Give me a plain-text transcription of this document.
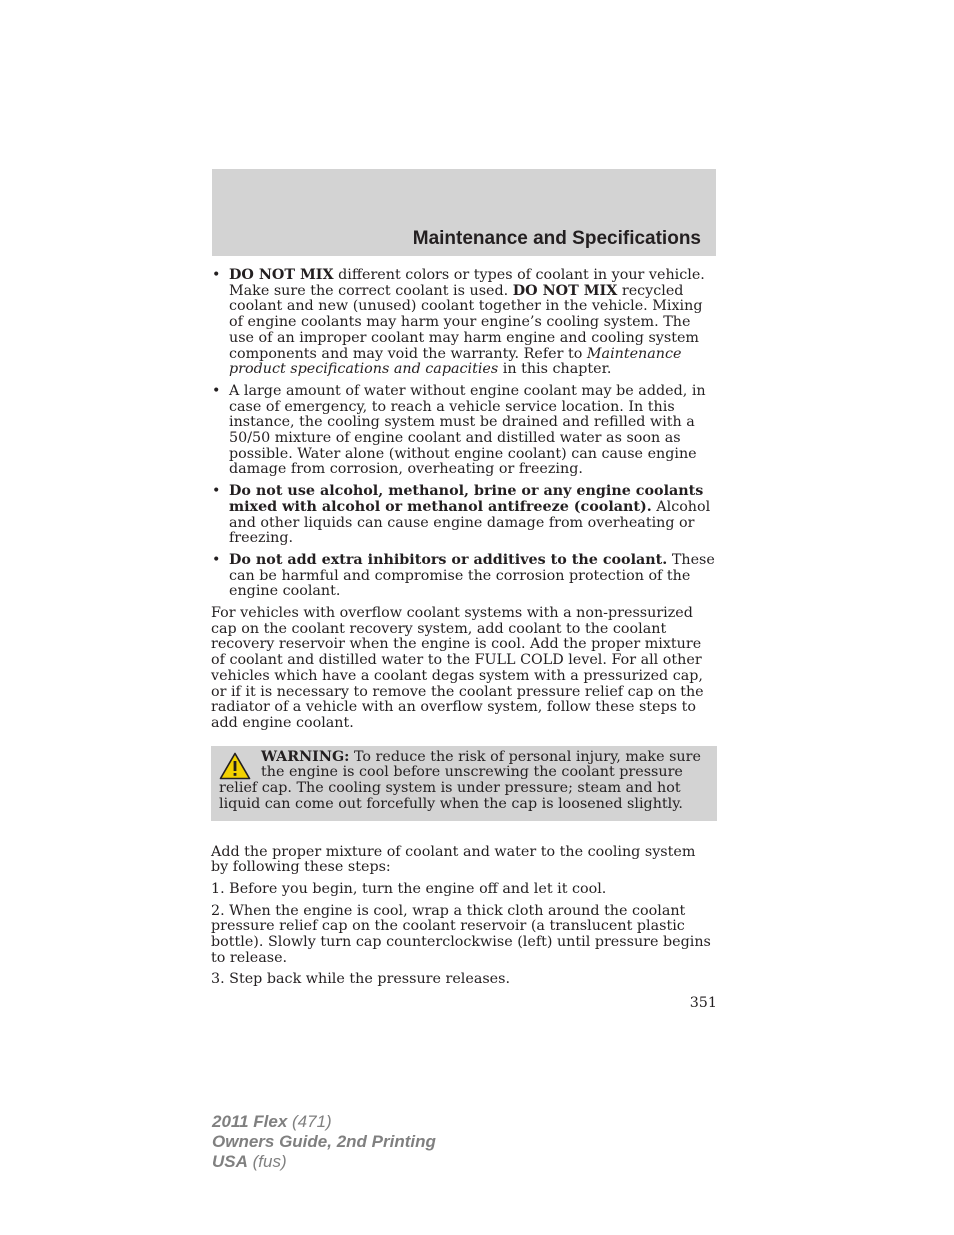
Maintenance and Specifications
• DO NOT MIX different colors or types of coolant in your vehicle. Make sure the correct coolant is used. DO NOT MIX recycled coolant and new (unused) coolant together in the vehicle. Mixing of engine coolants may harm your engine’s cooling system. The use of an improper coolant may harm engine and cooling system components and may void the warranty. Refer to Maintenance product specifications and capacities in this chapter.
• A large amount of water without engine coolant may be added, in case of emergency, to reach a vehicle service location. In this instance, the cooling system must be drained and refilled with a 50/50 mixture of engine coolant and distilled water as soon as possible. Water alone (without engine coolant) can cause engine damage from corrosion, overheating or freezing.
• Do not use alcohol, methanol, brine or any engine coolants mixed with alcohol or methanol antifreeze (coolant). Alcohol and other liquids can cause engine damage from overheating or freezing.
• Do not add extra inhibitors or additives to the coolant. These can be harmful and compromise the corrosion protection of the engine coolant.

For vehicles with overflow coolant systems with a non-pressurized cap on the coolant recovery system, add coolant to the coolant recovery reservoir when the engine is cool. Add the proper mixture of coolant and distilled water to the FULL COLD level. For all other vehicles which have a coolant degas system with a pressurized cap, or if it is necessary to remove the coolant pressure relief cap on the radiator of a vehicle with an overflow system, follow these steps to add engine coolant.

WARNING: To reduce the risk of personal injury, make sure the engine is cool before unscrewing the coolant pressure relief cap. The cooling system is under pressure; steam and hot liquid can come out forcefully when the cap is loosened slightly.

Add the proper mixture of coolant and water to the cooling system by following these steps:

1. Before you begin, turn the engine off and let it cool.

2. When the engine is cool, wrap a thick cloth around the coolant pressure relief cap on the coolant reservoir (a translucent plastic bottle). Slowly turn cap counterclockwise (left) until pressure begins to release.

3. Step back while the pressure releases.

351
2011 Flex (471)
Owners Guide, 2nd Printing
USA (fus)
